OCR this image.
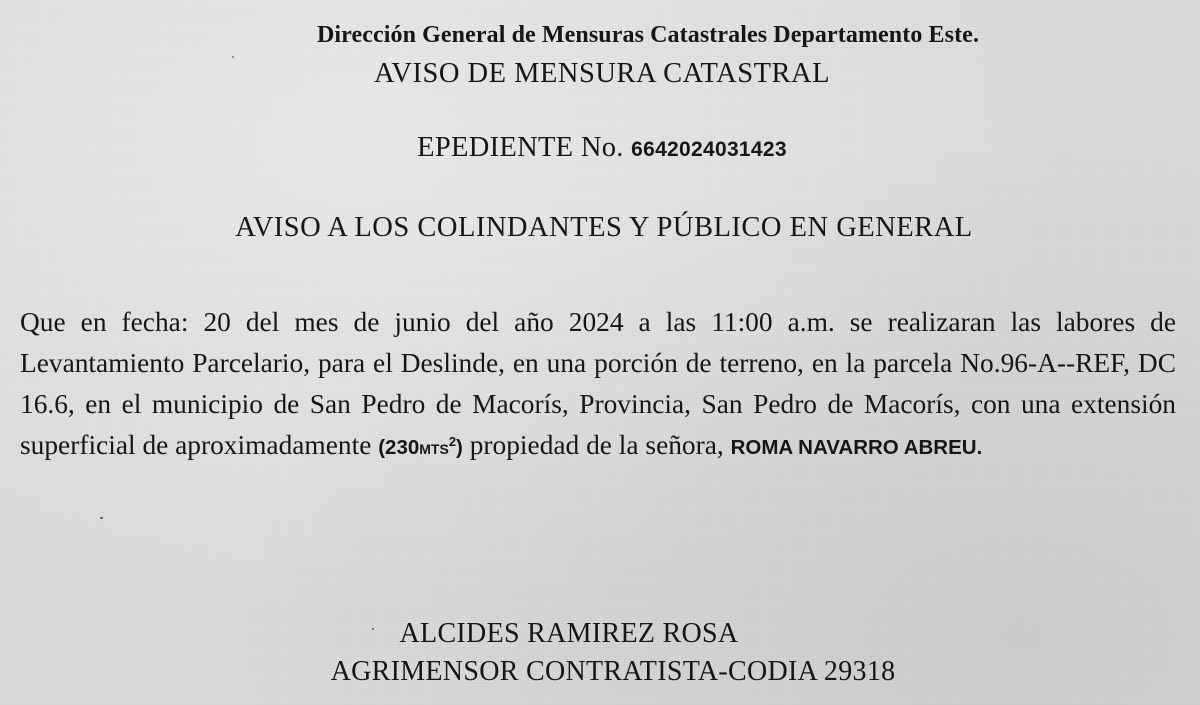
Dirección General de Mensuras Catastrales Departamento Este.
AVISO DE MENSURA CATASTRAL
EPEDIENTE No. 6642024031423
AVISO A LOS COLINDANTES Y PÚBLICO EN GENERAL
Que en fecha: 20 del mes de junio del año 2024 a las 11:00 a.m. se realizaran las labores de Levantamiento Parcelario, para el Deslinde, en una porción de terreno, en la parcela No.96-A--REF, DC 16.6, en el municipio de San Pedro de Macorís, Provincia, San Pedro de Macorís, con una extensión superficial de aproximadamente (230MTS$^2$) propiedad de la señora, ROMA NAVARRO ABREU.
ALCIDES RAMIREZ ROSA
AGRIMENSOR CONTRATISTA-CODIA 29318
